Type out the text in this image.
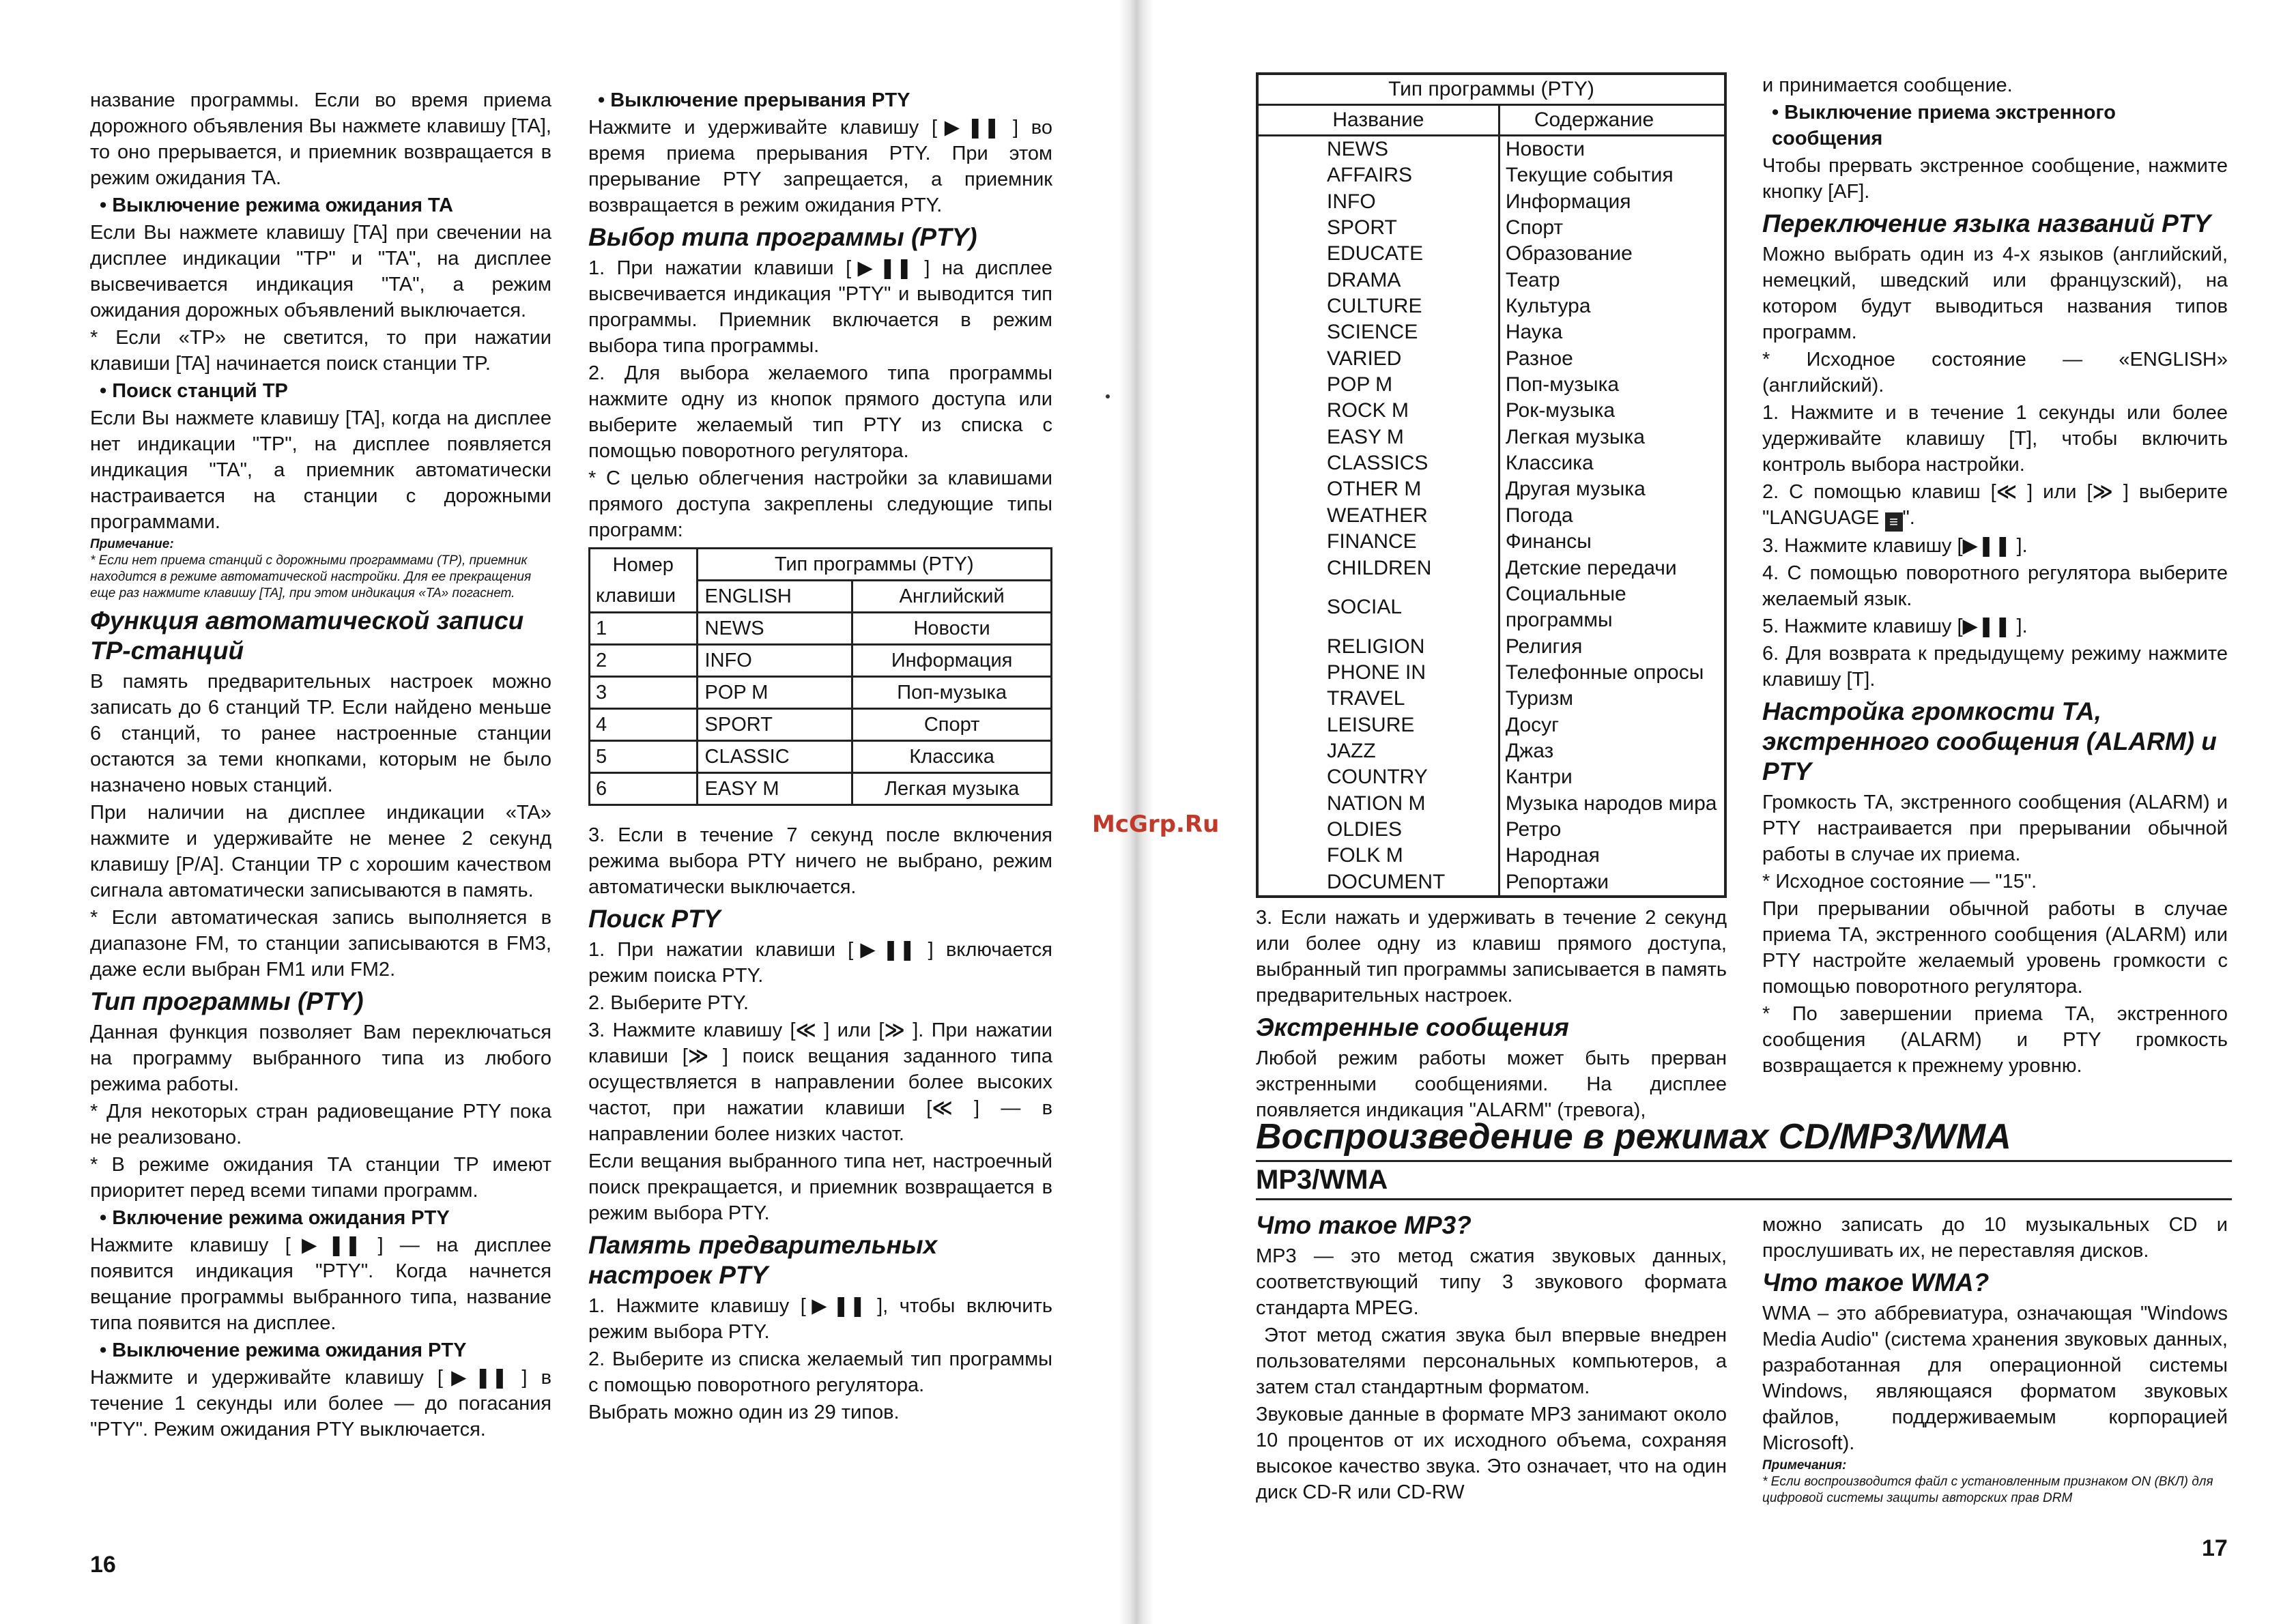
название программы. Если во время приема дорожного объявления Вы нажмете клавишу [TA], то оно прерывается, и приемник возвращается в режим ожидания ТА.

• Выключение режима ожидания ТА

Если Вы нажмете клавишу [TA] при свечении на дисплее индикации "TP" и "TA", на дисплее высвечивается индикация "TA", а режим ожидания дорожных объявлений выключается.

* Если «TP» не светится, то при нажатии клавиши [TA] начинается поиск станции TP.

• Поиск станций ТР

Если Вы нажмете клавишу [TA], когда на дисплее нет индикации "TP", на дисплее появляется индикация "TA", а приемник автоматически настраивается на станции с дорожными программами.

Примечание:
* Если нет приема станций с дорожными программами (TP), приемник находится в режиме автоматической настройки. Для ее прекращения еще раз нажмите клавишу [TA], при этом индикация «TA» погаснет.
Функция автоматической записи TP-станций

В память предварительных настроек можно записать до 6 станций TP. Если найдено меньше 6 станций, то ранее настроенные станции остаются за теми кнопками, которым не было назначено новых станций.

При наличии на дисплее индикации «TA» нажмите и удерживайте не менее 2 секунд клавишу [P/A]. Станции ТР с хорошим качеством сигнала автоматически записываются в память.

* Если автоматическая запись выполняется в диапазоне FM, то станции записываются в FM3, даже если выбран FM1 или FM2.

Тип программы (PTY)

Данная функция позволяет Вам переключаться на программу выбранного типа из любого режима работы.

* Для некоторых стран радиовещание PTY пока не реализовано.

* В режиме ожидания ТА станции TP имеют приоритет перед всеми типами программ.

• Включение режима ожидания PTY

Нажмите клавишу [▶❚❚ ] — на дисплее появится индикация "PTY". Когда начнется вещание программы выбранного типа, название типа появится на дисплее.

• Выключение режима ожидания PTY

Нажмите и удерживайте клавишу [▶❚❚ ] в течение 1 секунды или более — до погасания "PTY". Режим ожидания PTY выключается.

• Выключение прерывания PTY

Нажмите и удерживайте клавишу [▶❚❚ ] во время приема прерывания PTY. При этом прерывание PTY запрещается, а приемник возвращается в режим ожидания PTY.

Выбор типа программы (PTY)

1. При нажатии клавиши [▶❚❚ ] на дисплее высвечивается индикация "PTY" и выводится тип программы. Приемник включается в режим выбора типа программы.

2. Для выбора желаемого типа программы нажмите одну из кнопок прямого доступа или выберите желаемый тип PTY из списка с помощью поворотного регулятора.

* С целью облегчения настройки за клавишами прямого доступа закреплены следующие типы программ:

Номер	Тип программы (PTY)	
клавиши	ENGLISH	Английский
1	NEWS	Новости
2	INFO	Информация
3	POP M	Поп-музыка
4	SPORT	Спорт
5	CLASSIC	Классика
6	EASY M	Легкая музыка

3. Если в течение 7 секунд после включения режима выбора PTY ничего не выбрано, режим автоматически выключается.

Поиск PTY

1. При нажатии клавиши [▶❚❚ ] включается режим поиска PTY.

2. Выберите PTY.

3. Нажмите клавишу [≪ ] или [≫ ]. При нажатии клавиши [≫ ] поиск вещания заданного типа осуществляется в направлении более высоких частот, при нажатии клавиши [≪ ] — в направлении более низких частот.

Если вещания выбранного типа нет, настроечный поиск прекращается, и приемник возвращается в режим выбора PTY.

Память предварительных настроек PTY

1. Нажмите клавишу [▶❚❚ ], чтобы включить режим выбора PTY.

2. Выберите из списка желаемый тип программы с помощью поворотного регулятора.

Выбрать можно один из 29 типов.

16
McGrp.Ru
Тип программы (PTY)	
Название	Содержание
NEWS	Новости
AFFAIRS	Текущие события
INFO	Информация
SPORT	Спорт
EDUCATE	Образование
DRAMA	Театр
CULTURE	Культура
SCIENCE	Наука
VARIED	Разное
POP M	Поп-музыка
ROCK M	Рок-музыка
EASY M	Легкая музыка
CLASSICS	Классика
OTHER M	Другая музыка
WEATHER	Погода
FINANCE	Финансы
CHILDREN	Детские передачи
SOCIAL	Социальные программы
RELIGION	Религия
PHONE IN	Телефонные опросы
TRAVEL	Туризм
LEISURE	Досуг
JAZZ	Джаз
COUNTRY	Кантри
NATION M	Музыка народов мира
OLDIES	Ретро
FOLK M	Народная
DOCUMENT	Репортажи

3. Если нажать и удерживать в течение 2 секунд или более одну из клавиш прямого доступа, выбранный тип программы записывается в память предварительных настроек.

Экстренные сообщения

Любой режим работы может быть прерван экстренными сообщениями. На дисплее появляется индикация "ALARM" (тревога),

и принимается сообщение.

• Выключение приема экстренного сообщения

Чтобы прервать экстренное сообщение, нажмите кнопку [AF].

Переключение языка названий PTY

Можно выбрать один из 4-х языков (английский, немецкий, шведский или французский), на котором будут выводиться названия типов программ.

* Исходное состояние — «ENGLISH» (английский).

1. Нажмите и в течение 1 секунды или более удерживайте клавишу [T], чтобы включить контроль выбора настройки.

2. С помощью клавиш [≪ ] или [≫ ] выберите "LANGUAGE ≡ ".

3. Нажмите клавишу [▶❚❚ ].

4. С помощью поворотного регулятора выберите желаемый язык.

5. Нажмите клавишу [▶❚❚ ].

6. Для возврата к предыдущему режиму нажмите клавишу [T].

Настройка громкости ТА, экстренного сообщения (ALARM) и PTY

Громкость ТА, экстренного сообщения (ALARM) и PTY настраивается при прерывании обычной работы в случае их приема.

* Исходное состояние — "15".

При прерывании обычной работы в случае приема ТА, экстренного сообщения (ALARM) или PTY настройте желаемый уровень громкости с помощью поворотного регулятора.

* По завершении приема ТА, экстренного сообщения (ALARM) и PTY громкость возвращается к прежнему уровню.

Воспроизведение в режимах CD/MP3/WMA
MP3/WMA
Что такое MP3?

MP3 — это метод сжатия звуковых данных, соответствующий типу 3 звукового формата стандарта MPEG.

Этот метод сжатия звука был впервые внедрен пользователями персональных компьютеров, а затем стал стандартным форматом.

Звуковые данные в формате MP3 занимают около 10 процентов от их исходного объема, сохраняя высокое качество звука. Это означает, что на один диск CD-R или CD-RW

можно записать до 10 музыкальных CD и прослушивать их, не переставляя дисков.

Что такое WMA?

WMA – это аббревиатура, означающая "Windows Media Audio" (система хранения звуковых данных, разработанная для операционной системы Windows, являющаяся форматом звуковых файлов, поддерживаемым корпорацией Microsoft).

Примечания:
* Если воспроизводится файл с установленным признаком ON (ВКЛ) для цифровой системы защиты авторских прав DRM
17
